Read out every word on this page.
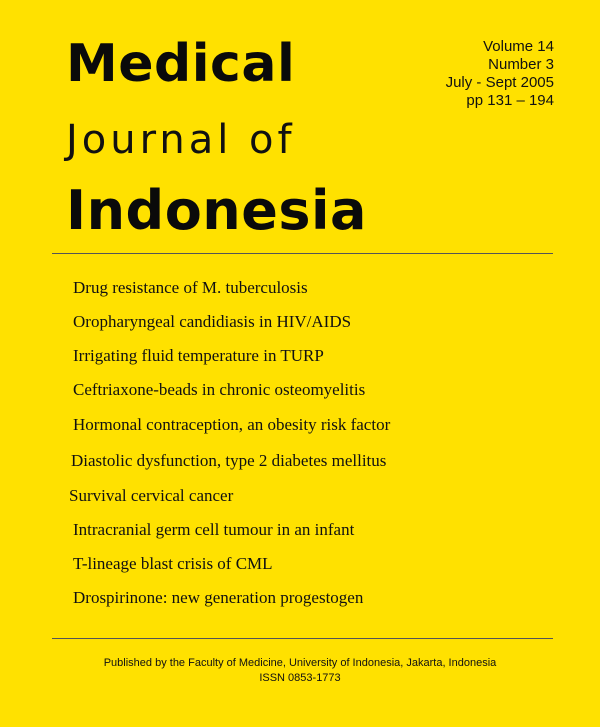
Medical
Journal of
Indonesia
Volume 14
Number 3
July - Sept 2005
pp 131 – 194
Drug resistance of M. tuberculosis
Oropharyngeal candidiasis in HIV/AIDS
Irrigating fluid temperature in TURP
Ceftriaxone-beads in chronic osteomyelitis
Hormonal contraception, an obesity risk factor
Diastolic dysfunction, type 2 diabetes mellitus
Survival cervical cancer
Intracranial germ cell tumour in an infant
T-lineage blast crisis of CML
Drospirinone: new generation progestogen
Published by the Faculty of Medicine, University of Indonesia, Jakarta, Indonesia
ISSN 0853-1773
